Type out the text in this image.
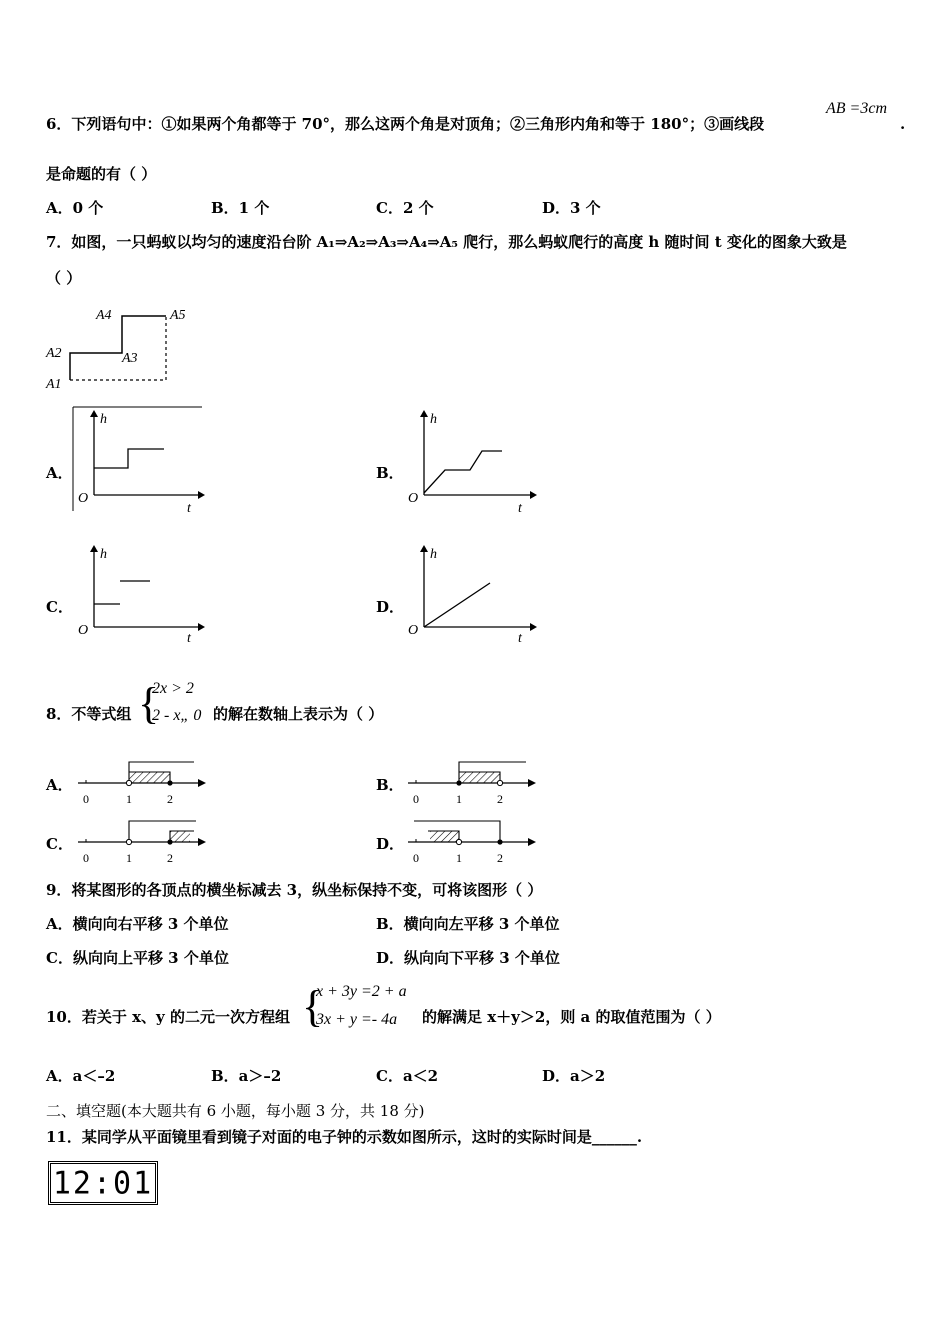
6．下列语句中：①如果两个角都等于 70°，那么这两个角是对顶角；②三角形内角和等于 180°；③画线段
AB =3cm
.
是命题的有（ ）
A．0 个	B．1 个	C．2 个	D．3 个
7．如图，一只蚂蚁以均匀的速度沿台阶 A₁⇒A₂⇒A₃⇒A₄⇒A₅ 爬行，那么蚂蚁爬行的高度 h 随时间 t 变化的图象大致是
（ ）
A1
A2	A3
A4	A5
A．
h
O
t
B．
h
O
t
C．
h
O
t
D．
h
O
t
8．不等式组 {
2x > 2
2 - x„ 0 的解在数轴上表示为（ ）
A．
0	1	2
B．
0	1	2
C．
0	1	2
D．
0	1	2
9．将某图形的各顶点的横坐标减去 3，纵坐标保持不变，可将该图形（ ）
A．横向向右平移 3 个单位	B．横向向左平移 3 个单位
C．纵向向上平移 3 个单位	D．纵向向下平移 3 个单位
10．若关于 x、y 的二元一次方程组 {
x + 3y =2 + a
3x + y =- 4a 的解满足 x＋y＞2，则 a 的取值范围为（ ）
A．a＜–2	B．a＞–2	C．a＜2	D．a＞2
二、填空题(本大题共有 6 小题，每小题 3 分，共 18 分)
11．某同学从平面镜里看到镜子对面的电子钟的示数如图所示，这时的实际时间是______.
12:01
